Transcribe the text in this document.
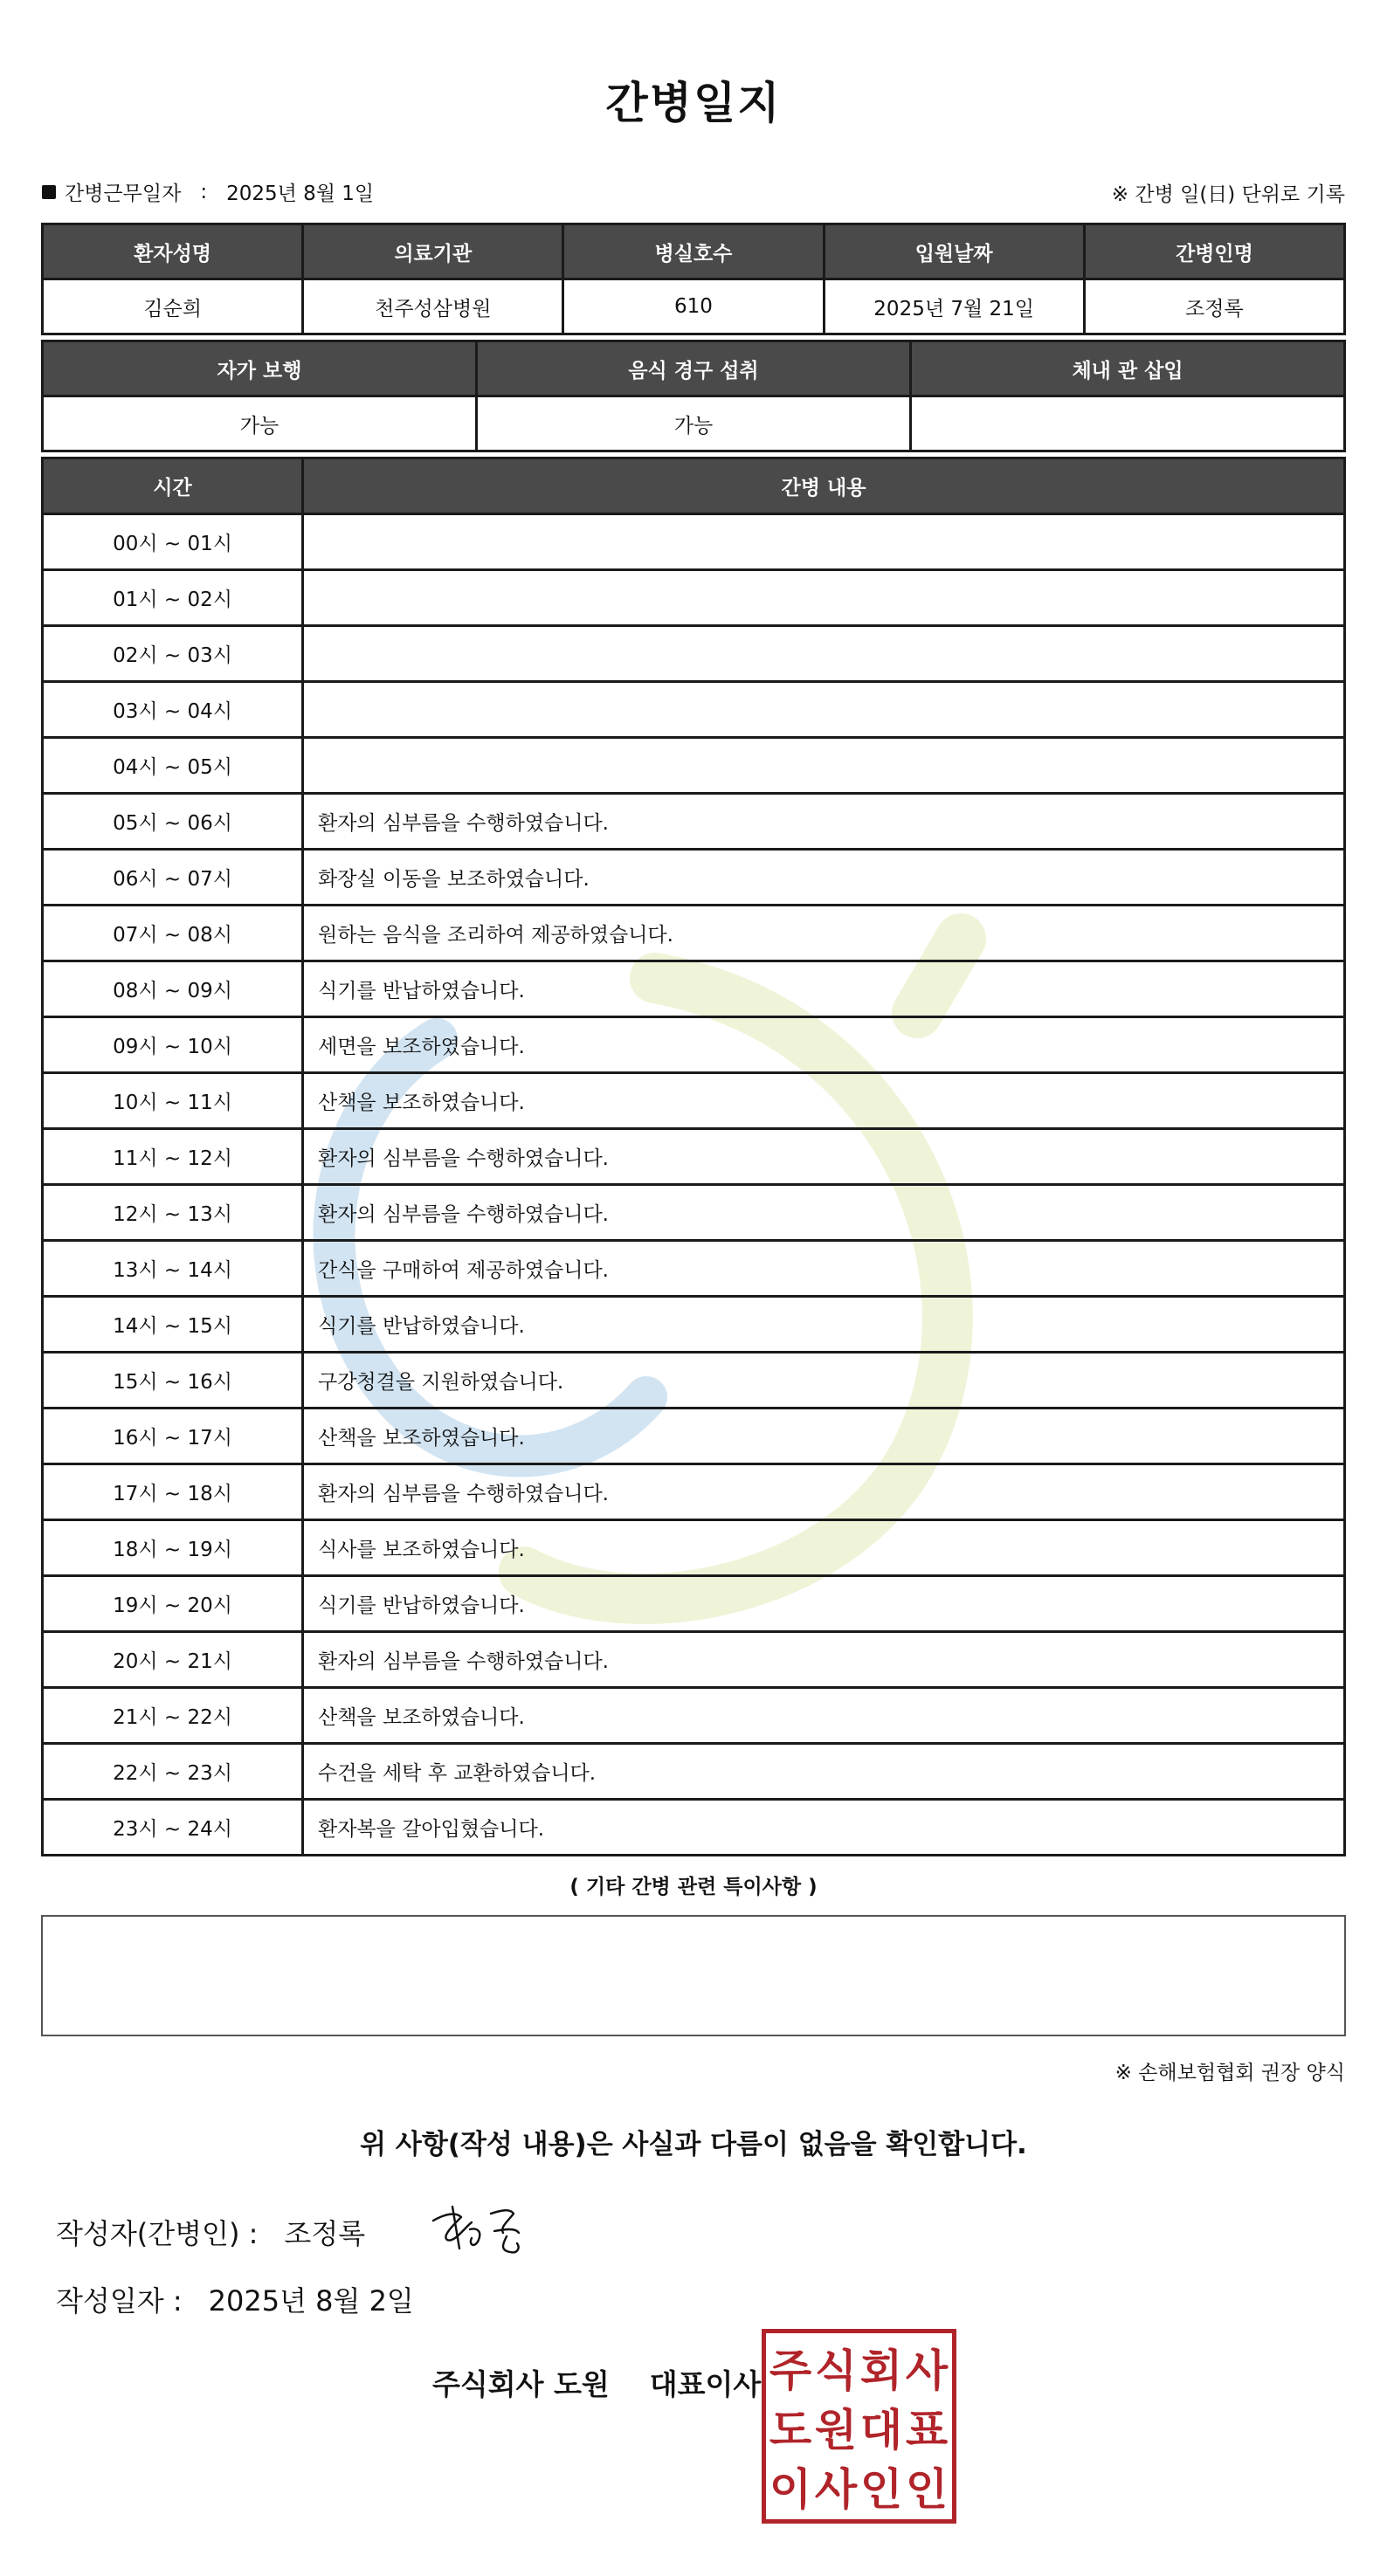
간병일지
간병근무일자 : 2025년 8월 1일	※ 간병 일(日) 단위로 기록
환자성명	의료기관	병실호수	입원날짜	간병인명
김순희	천주성삼병원	610	2025년 7월 21일	조정록
자가 보행	음식 경구 섭취	체내 관 삽입
가능	가능	
시간	간병 내용
00시 ~ 01시	
01시 ~ 02시	
02시 ~ 03시	
03시 ~ 04시	
04시 ~ 05시	
05시 ~ 06시	환자의 심부름을 수행하였습니다.
06시 ~ 07시	화장실 이동을 보조하였습니다.
07시 ~ 08시	원하는 음식을 조리하여 제공하였습니다.
08시 ~ 09시	식기를 반납하였습니다.
09시 ~ 10시	세면을 보조하였습니다.
10시 ~ 11시	산책을 보조하였습니다.
11시 ~ 12시	환자의 심부름을 수행하였습니다.
12시 ~ 13시	환자의 심부름을 수행하였습니다.
13시 ~ 14시	간식을 구매하여 제공하였습니다.
14시 ~ 15시	식기를 반납하였습니다.
15시 ~ 16시	구강청결을 지원하였습니다.
16시 ~ 17시	산책을 보조하였습니다.
17시 ~ 18시	환자의 심부름을 수행하였습니다.
18시 ~ 19시	식사를 보조하였습니다.
19시 ~ 20시	식기를 반납하였습니다.
20시 ~ 21시	환자의 심부름을 수행하였습니다.
21시 ~ 22시	산책을 보조하였습니다.
22시 ~ 23시	수건을 세탁 후 교환하였습니다.
23시 ~ 24시	환자복을 갈아입혔습니다.
( 기타 간병 관련 특이사항 )
※ 손해보험협회 권장 양식
위 사항(작성 내용)은 사실과 다름이 없음을 확인합니다.
작성자(간병인) : 조정록
작성일자 : 2025년 8월 2일
주식회사 도원 대표이사 주 식 회 사
도 원 대 표
이 사 인 인
